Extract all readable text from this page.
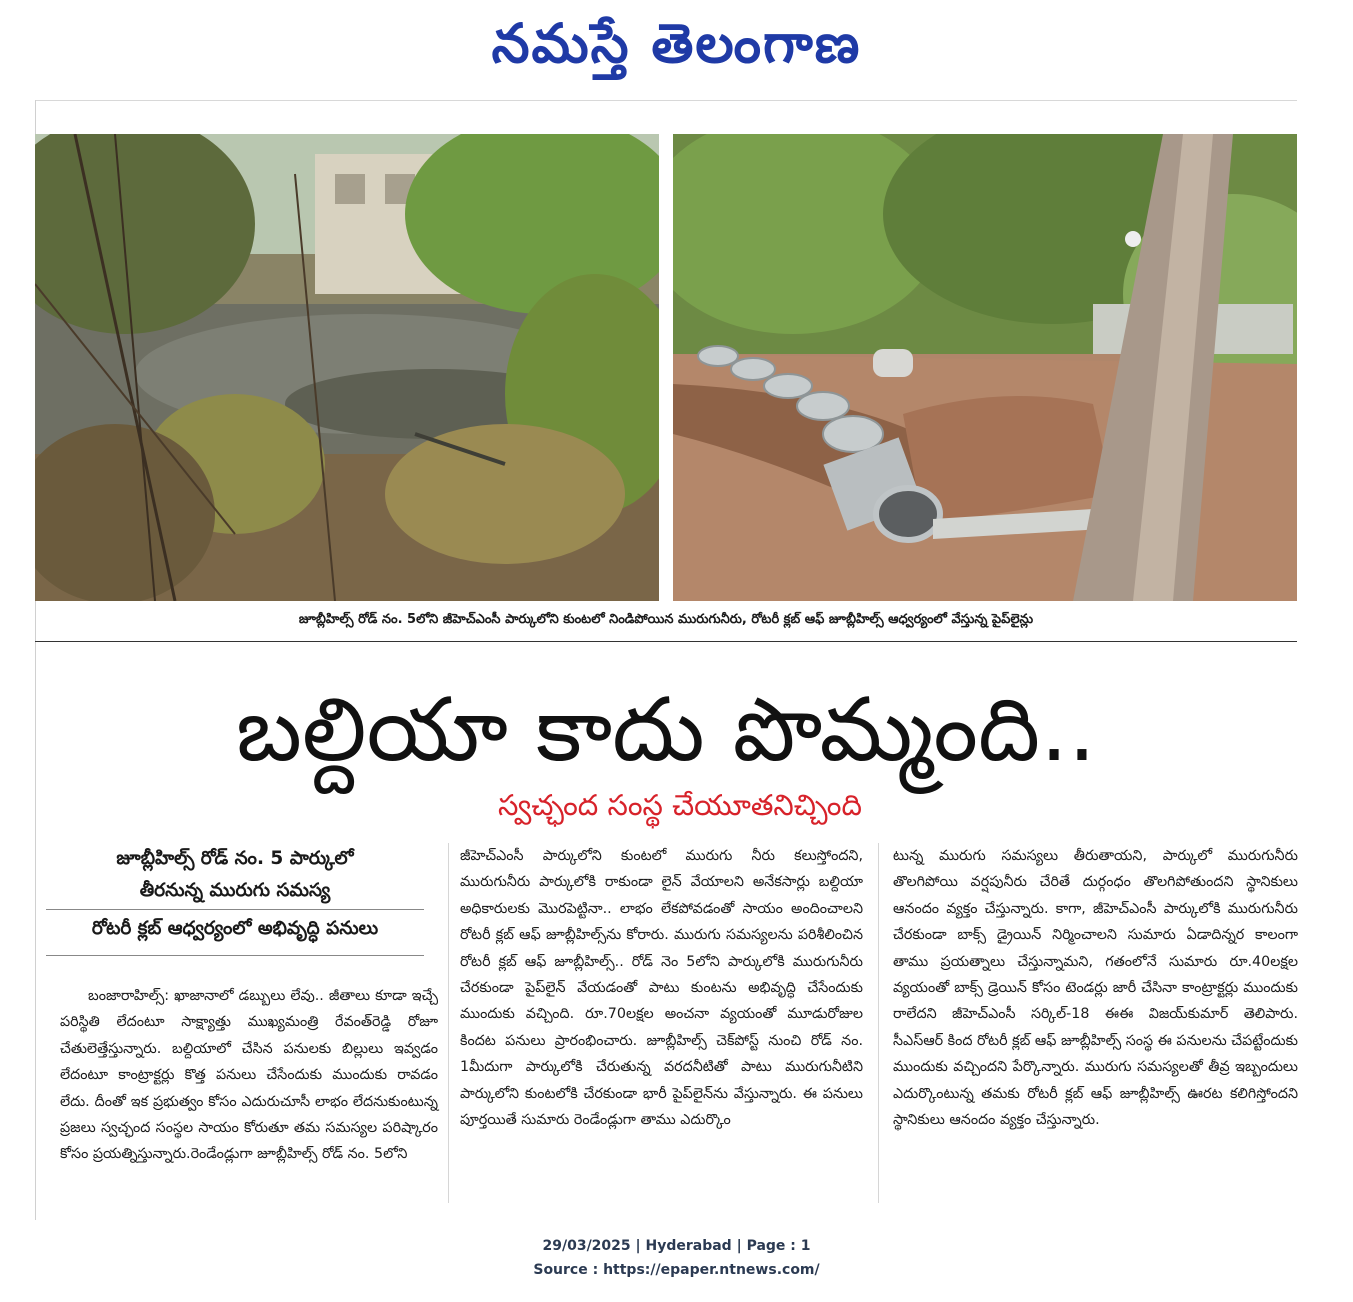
నమస్తే తెలంగాణ
జూబ్లీహిల్స్ రోడ్ నం. 5లోని జీహెచ్ఎంసీ పార్కులోని కుంటలో నిండిపోయిన మురుగునీరు, రోటరీ క్లబ్ ఆఫ్ జూబ్లీహిల్స్ ఆధ్వర్యంలో వేస్తున్న పైప్‌లైన్లు
బల్దియా కాదు పొమ్మంది..
స్వచ్ఛంద సంస్థ చేయూతనిచ్చింది
జూబ్లీహిల్స్ రోడ్ నం. 5 పార్కులో
తీరనున్న మురుగు సమస్య
రోటరీ క్లబ్ ఆధ్వర్యంలో అభివృద్ధి పనులు

బంజారాహిల్స్: ఖాజానాలో డబ్బులు లేవు.. జీతాలు కూడా ఇచ్చే పరిస్థితి లేదంటూ సాక్ష్యాత్తు ముఖ్యమంత్రి రేవంత్‌రెడ్డి రోజూ చేతులెత్తేస్తున్నారు. బల్దియాలో చేసిన పనులకు బిల్లులు ఇవ్వడం లేదంటూ కాంట్రాక్టర్లు కొత్త పనులు చేసేందుకు ముందుకు రావడం లేదు. దీంతో ఇక ప్రభుత్వం కోసం ఎదురుచూసీ లాభం లేదనుకుంటున్న ప్రజలు స్వచ్ఛంద సంస్థల సాయం కోరుతూ తమ సమస్యల పరిష్కారం కోసం ప్రయత్నిస్తున్నారు.రెండేండ్లుగా జూబ్లీహిల్స్ రోడ్ నం. 5లోని

జీహెచ్ఎంసీ పార్కులోని కుంటలో మురుగు నీరు కలుస్తోందని, మురుగునీరు పార్కులోకి రాకుండా లైన్ వేయాలని అనేకసార్లు బల్దియా అధికారులకు మొరపెట్టినా.. లాభం లేకపోవడంతో సాయం అందించాలని రోటరీ క్లబ్ ఆఫ్ జూబ్లీహిల్స్‌ను కోరారు. మురుగు సమస్యలను పరిశీలించిన రోటరీ క్లబ్ ఆఫ్ జూబ్లీహిల్స్.. రోడ్ నెం 5లోని పార్కులోకి మురుగునీరు చేరకుండా పైప్‌లైన్ వేయడంతో పాటు కుంటను అభివృద్ధి చేసేందుకు ముందుకు వచ్చింది. రూ.70లక్షల అంచనా వ్యయంతో మూడురోజుల కిందట పనులు ప్రారంభించారు. జూబ్లీహిల్స్ చెక్‌పోస్ట్ నుంచి రోడ్ నం. 1మీదుగా పార్కులోకి చేరుతున్న వరదనీటితో పాటు మురుగునీటిని పార్కులోని కుంటలోకి చేరకుండా భారీ పైప్‌లైన్‌ను వేస్తున్నారు. ఈ పనులు పూర్తయితే సుమారు రెండేండ్లుగా తాము ఎదుర్కొం

టున్న మురుగు సమస్యలు తీరుతాయని, పార్కులో మురుగునీరు తొలగిపోయి వర్షపునీరు చేరితే దుర్గంధం తొలగిపోతుందని స్థానికులు ఆనందం వ్యక్తం చేస్తున్నారు. కాగా, జీహెచ్ఎంసీ పార్కులోకి మురుగునీరు చేరకుండా బాక్స్ డ్రైయిన్ నిర్మించాలని సుమారు ఏడాదిన్నర కాలంగా తాము ప్రయత్నాలు చేస్తున్నామని, గతంలోనే సుమారు రూ.40లక్షల వ్యయంతో బాక్స్ డ్రెయిన్ కోసం టెండర్లు జారీ చేసినా కాంట్రాక్టర్లు ముందుకు రాలేదని జీహెచ్ఎంసీ సర్కిల్-18 ఈఈ విజయ్‌కుమార్ తెలిపారు. సీఎస్ఆర్ కింద రోటరీ క్లబ్ ఆఫ్ జూబ్లీహిల్స్ సంస్థ ఈ పనులను చేపట్టేందుకు ముందుకు వచ్చిందని పేర్కొన్నారు. మురుగు సమస్యలతో తీవ్ర ఇబ్బందులు ఎదుర్కొంటున్న తమకు రోటరీ క్లబ్ ఆఫ్ జూబ్లీహిల్స్ ఊరట కలిగిస్తోందని స్థానికులు ఆనందం వ్యక్తం చేస్తున్నారు.

29/03/2025 | Hyderabad | Page : 1
Source : https://epaper.ntnews.com/
